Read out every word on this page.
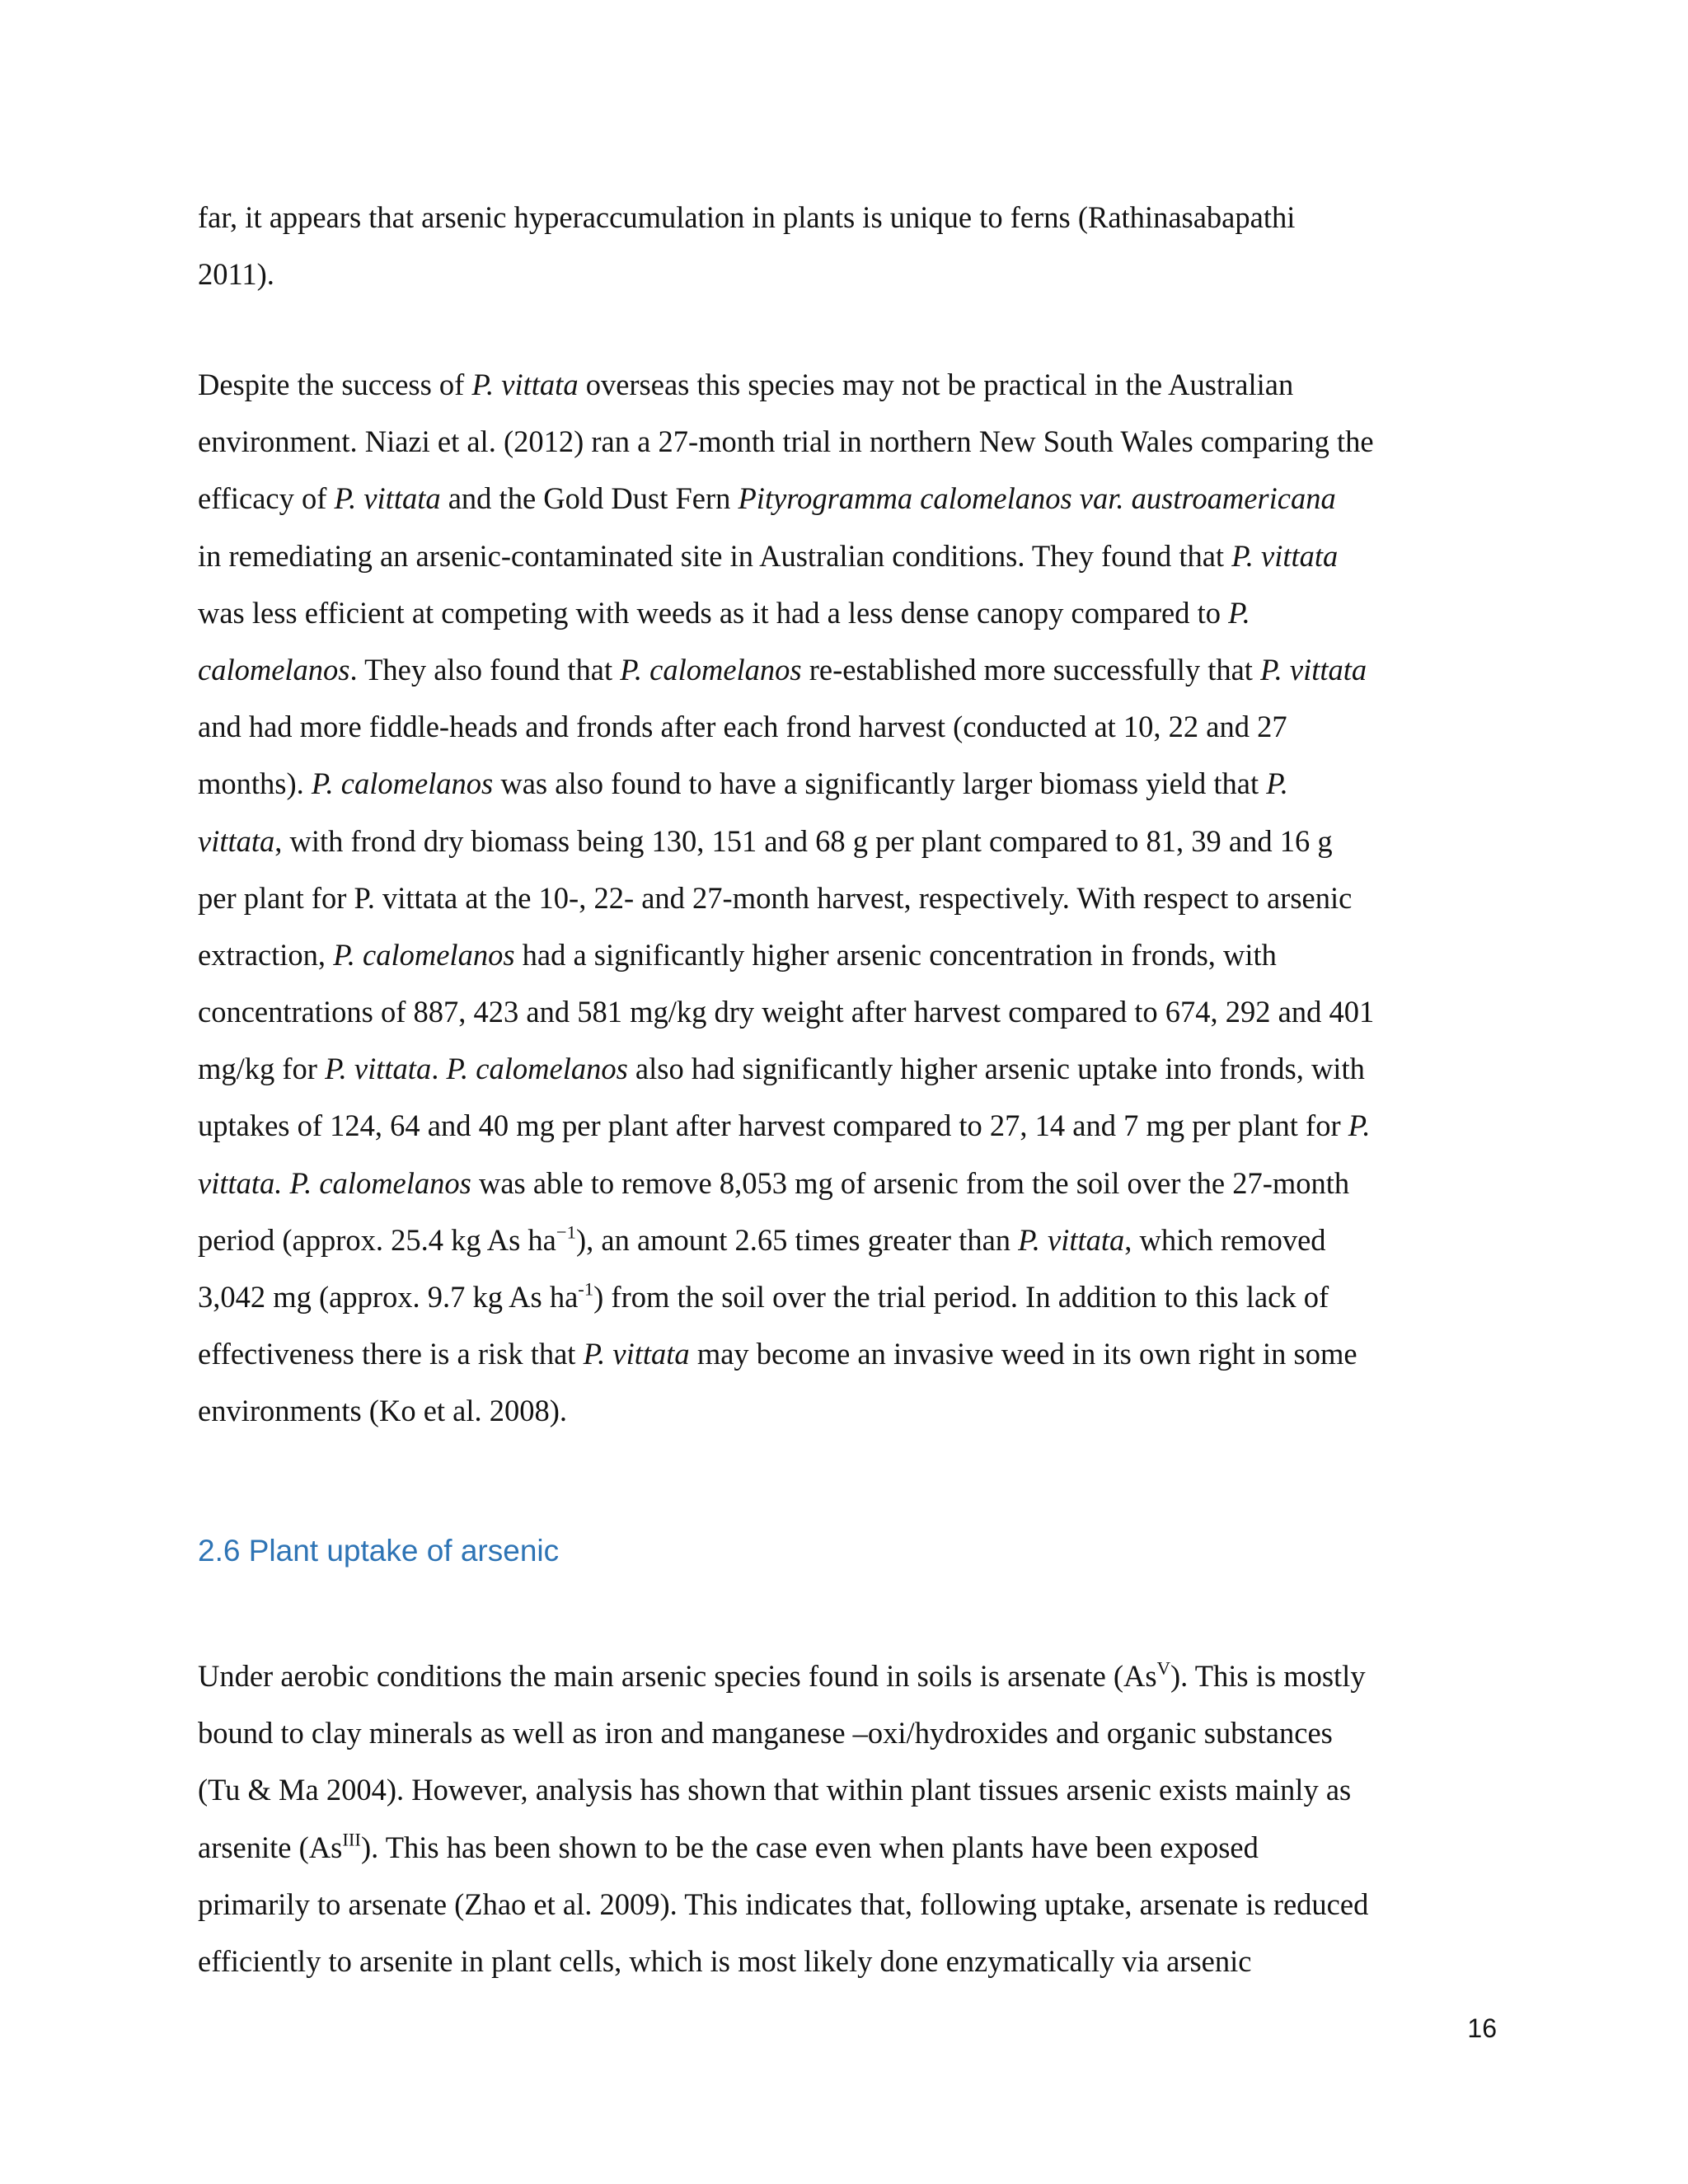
far, it appears that arsenic hyperaccumulation in plants is unique to ferns (Rathinasabapathi
2011).
Despite the success of P. vittata overseas this species may not be practical in the Australian
environment. Niazi et al. (2012) ran a 27-month trial in northern New South Wales comparing the
efficacy of P. vittata and the Gold Dust Fern Pityrogramma calomelanos var. austroamericana
in remediating an arsenic-contaminated site in Australian conditions. They found that P. vittata
was less efficient at competing with weeds as it had a less dense canopy compared to P.
calomelanos. They also found that P. calomelanos re-established more successfully that P. vittata
and had more fiddle-heads and fronds after each frond harvest (conducted at 10, 22 and 27
months). P. calomelanos was also found to have a significantly larger biomass yield that P.
vittata, with frond dry biomass being 130, 151 and 68 g per plant compared to 81, 39 and 16 g
per plant for P. vittata at the 10-, 22- and 27-month harvest, respectively. With respect to arsenic
extraction, P. calomelanos had a significantly higher arsenic concentration in fronds, with
concentrations of 887, 423 and 581 mg/kg dry weight after harvest compared to 674, 292 and 401
mg/kg for P. vittata. P. calomelanos also had significantly higher arsenic uptake into fronds, with
uptakes of 124, 64 and 40 mg per plant after harvest compared to 27, 14 and 7 mg per plant for P.
vittata. P. calomelanos was able to remove 8,053 mg of arsenic from the soil over the 27-month
period (approx. 25.4 kg As $ha^{-1}$), an amount 2.65 times greater than P. vittata, which removed
3,042 mg (approx. 9.7 kg As $ha^{-1}$) from the soil over the trial period. In addition to this lack of
effectiveness there is a risk that P. vittata may become an invasive weed in its own right in some
environments (Ko et al. 2008).
2.6 Plant uptake of arsenic
Under aerobic conditions the main arsenic species found in soils is arsenate $(As^V)$. This is mostly
bound to clay minerals as well as iron and manganese –oxi/hydroxides and organic substances
(Tu & Ma 2004). However, analysis has shown that within plant tissues arsenic exists mainly as
arsenite $(As^{III})$. This has been shown to be the case even when plants have been exposed
primarily to arsenate (Zhao et al. 2009). This indicates that, following uptake, arsenate is reduced
efficiently to arsenite in plant cells, which is most likely done enzymatically via arsenic
16
